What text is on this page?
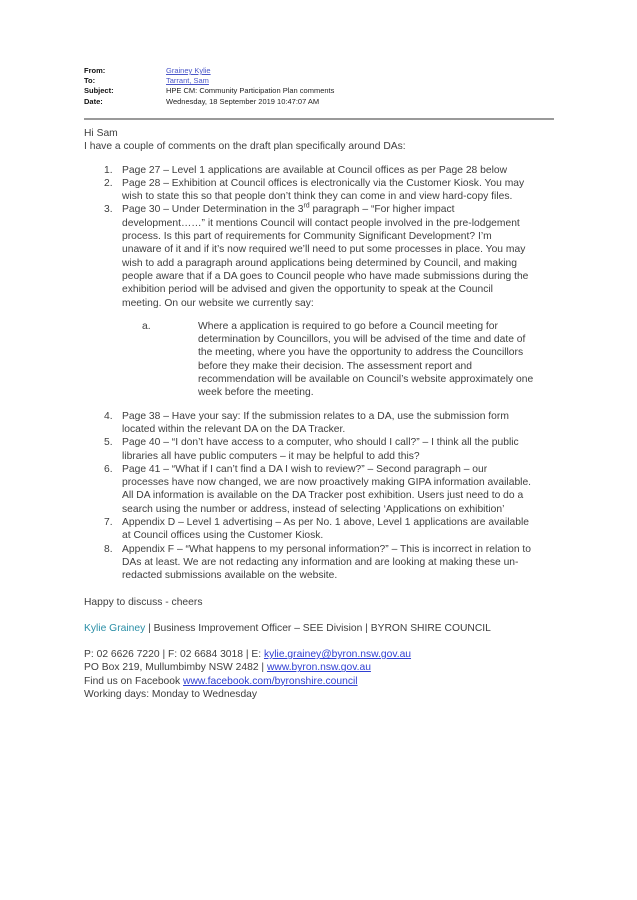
From:	Grainey Kylie
To:	Tarrant, Sam
Subject:	HPE CM: Community Participation Plan comments
Date:	Wednesday, 18 September 2019 10:47:07 AM

Hi Sam

I have a couple of comments on the draft plan specifically around DAs:

1. Page 27 – Level 1 applications are available at Council offices as per Page 28 below
2. Page 28 – Exhibition at Council offices is electronically via the Customer Kiosk. You may wish to state this so that people don’t think they can come in and view hard-copy files.
3. Page 30 – Under Determination in the 3rd paragraph – “For higher impact development……” it mentions Council will contact people involved in the pre-lodgement process. Is this part of requirements for Community Significant Development? I’m unaware of it and if it’s now required we’ll need to put some processes in place. You may wish to add a paragraph around applications being determined by Council, and making people aware that if a DA goes to Council people who have made submissions during the exhibition period will be advised and given the opportunity to speak at the Council meeting. On our website we currently say:
a.	Where a application is required to go before a Council meeting for determination by Councillors, you will be advised of the time and date of the meeting, where you have the opportunity to address the Councillors before they make their decision. The assessment report and recommendation will be available on Council’s website approximately one week before the meeting.
4. Page 38 – Have your say: If the submission relates to a DA, use the submission form located within the relevant DA on the DA Tracker.
5. Page 40 – “I don’t have access to a computer, who should I call?” – I think all the public libraries all have public computers – it may be helpful to add this?
6. Page 41 – “What if I can’t find a DA I wish to review?” – Second paragraph – our processes have now changed, we are now proactively making GIPA information available. All DA information is available on the DA Tracker post exhibition. Users just need to do a search using the number or address, instead of selecting ‘Applications on exhibition’
7. Appendix D – Level 1 advertising – As per No. 1 above, Level 1 applications are available at Council offices using the Customer Kiosk.
8. Appendix F – “What happens to my personal information?” – This is incorrect in relation to DAs at least. We are not redacting any information and are looking at making these un-redacted submissions available on the website.

Happy to discuss - cheers

Kylie Grainey | Business Improvement Officer – SEE Division | BYRON SHIRE COUNCIL

P: 02 6626 7220 | F: 02 6684 3018 | E: kylie.grainey@byron.nsw.gov.au

PO Box 219, Mullumbimby NSW 2482 | www.byron.nsw.gov.au

Find us on Facebook www.facebook.com/byronshire.council

Working days: Monday to Wednesday
